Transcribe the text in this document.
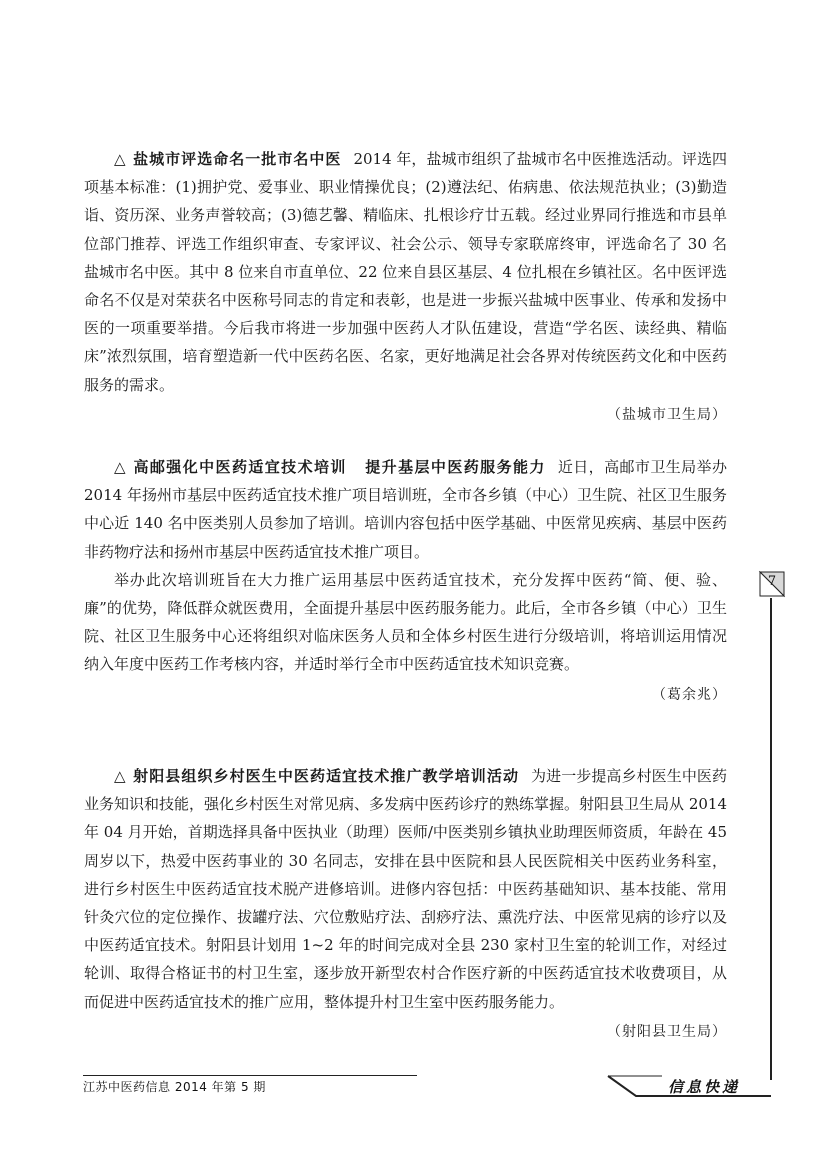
△ 盐城市评选命名一批市名中医 2014 年，盐城市组织了盐城市名中医推选活动。评选四项基本标准：(1)拥护党、爱事业、职业情操优良；(2)遵法纪、佑病患、依法规范执业；(3)勤造诣、资历深、业务声誉较高；(3)德艺馨、精临床、扎根诊疗廿五载。经过业界同行推选和市县单位部门推荐、评选工作组织审查、专家评议、社会公示、领导专家联席终审，评选命名了 30 名盐城市名中医。其中 8 位来自市直单位、22 位来自县区基层、4 位扎根在乡镇社区。名中医评选命名不仅是对荣获名中医称号同志的肯定和表彰，也是进一步振兴盐城中医事业、传承和发扬中医的一项重要举措。今后我市将进一步加强中医药人才队伍建设，营造“学名医、读经典、精临床”浓烈氛围，培育塑造新一代中医药名医、名家，更好地满足社会各界对传统医药文化和中医药服务的需求。

（盐城市卫生局）

△ 高邮强化中医药适宜技术培训 提升基层中医药服务能力 近日，高邮市卫生局举办 2014 年扬州市基层中医药适宜技术推广项目培训班，全市各乡镇（中心）卫生院、社区卫生服务中心近 140 名中医类别人员参加了培训。培训内容包括中医学基础、中医常见疾病、基层中医药非药物疗法和扬州市基层中医药适宜技术推广项目。

举办此次培训班旨在大力推广运用基层中医药适宜技术，充分发挥中医药“简、便、验、廉”的优势，降低群众就医费用，全面提升基层中医药服务能力。此后，全市各乡镇（中心）卫生院、社区卫生服务中心还将组织对临床医务人员和全体乡村医生进行分级培训，将培训运用情况纳入年度中医药工作考核内容，并适时举行全市中医药适宜技术知识竞赛。

（葛余兆）

△ 射阳县组织乡村医生中医药适宜技术推广教学培训活动 为进一步提高乡村医生中医药业务知识和技能，强化乡村医生对常见病、多发病中医药诊疗的熟练掌握。射阳县卫生局从 2014 年 04 月开始，首期选择具备中医执业（助理）医师/中医类别乡镇执业助理医师资质，年龄在 45 周岁以下，热爱中医药事业的 30 名同志，安排在县中医院和县人民医院相关中医药业务科室，进行乡村医生中医药适宜技术脱产进修培训。进修内容包括：中医药基础知识、基本技能、常用针灸穴位的定位操作、拔罐疗法、穴位敷贴疗法、刮痧疗法、熏洗疗法、中医常见病的诊疗以及中医药适宜技术。射阳县计划用 1~2 年的时间完成对全县 230 家村卫生室的轮训工作，对经过轮训、取得合格证书的村卫生室，逐步放开新型农村合作医疗新的中医药适宜技术收费项目，从而促进中医药适宜技术的推广应用，整体提升村卫生室中医药服务能力。

（射阳县卫生局）
7
江苏中医药信息 2014 年第 5 期	信息快递
